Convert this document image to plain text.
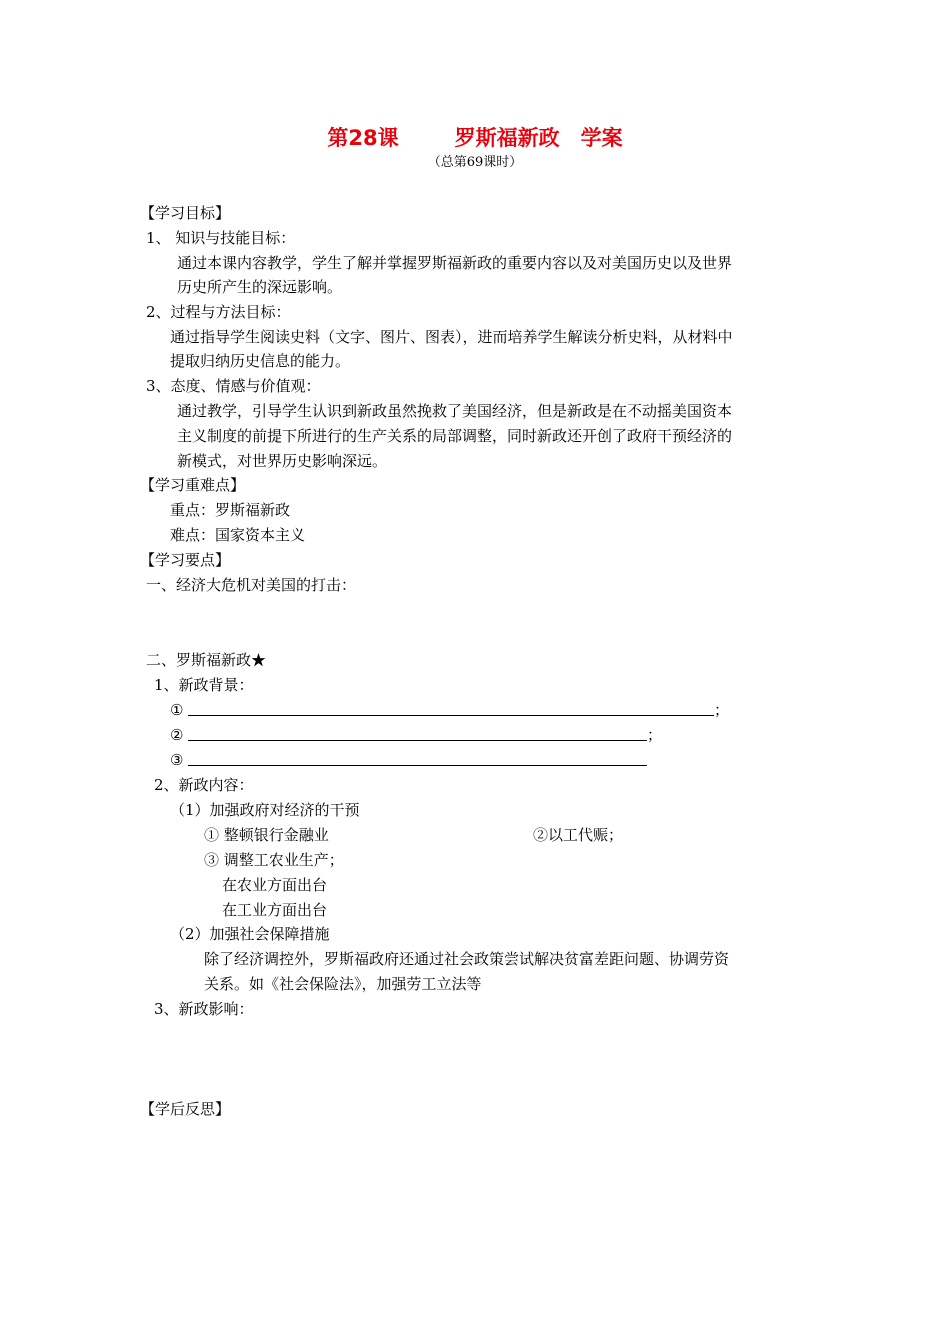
第28课	罗斯福新政　学案
（总第69课时）
【学习目标】
1、 知识与技能目标：
通过本课内容教学，学生了解并掌握罗斯福新政的重要内容以及对美国历史以及世界
历史所产生的深远影响。
2、过程与方法目标：
通过指导学生阅读史料（文字、图片、图表），进而培养学生解读分析史料，从材料中
提取归纳历史信息的能力。
3、态度、情感与价值观：
通过教学，引导学生认识到新政虽然挽救了美国经济，但是新政是在不动摇美国资本
主义制度的前提下所进行的生产关系的局部调整，同时新政还开创了政府干预经济的
新模式，对世界历史影响深远。
【学习重难点】
重点：罗斯福新政
难点：国家资本主义
【学习要点】
一、经济大危机对美国的打击：
二、罗斯福新政★
1、新政背景：
①	；
②	；
③
2、新政内容：
（1）加强政府对经济的干预
① 整顿银行金融业	②以工代赈；
③ 调整工农业生产；
在农业方面出台
在工业方面出台
（2）加强社会保障措施
除了经济调控外，罗斯福政府还通过社会政策尝试解决贫富差距问题、协调劳资
关系。如《社会保险法》，加强劳工立法等
3、新政影响：
【学后反思】
